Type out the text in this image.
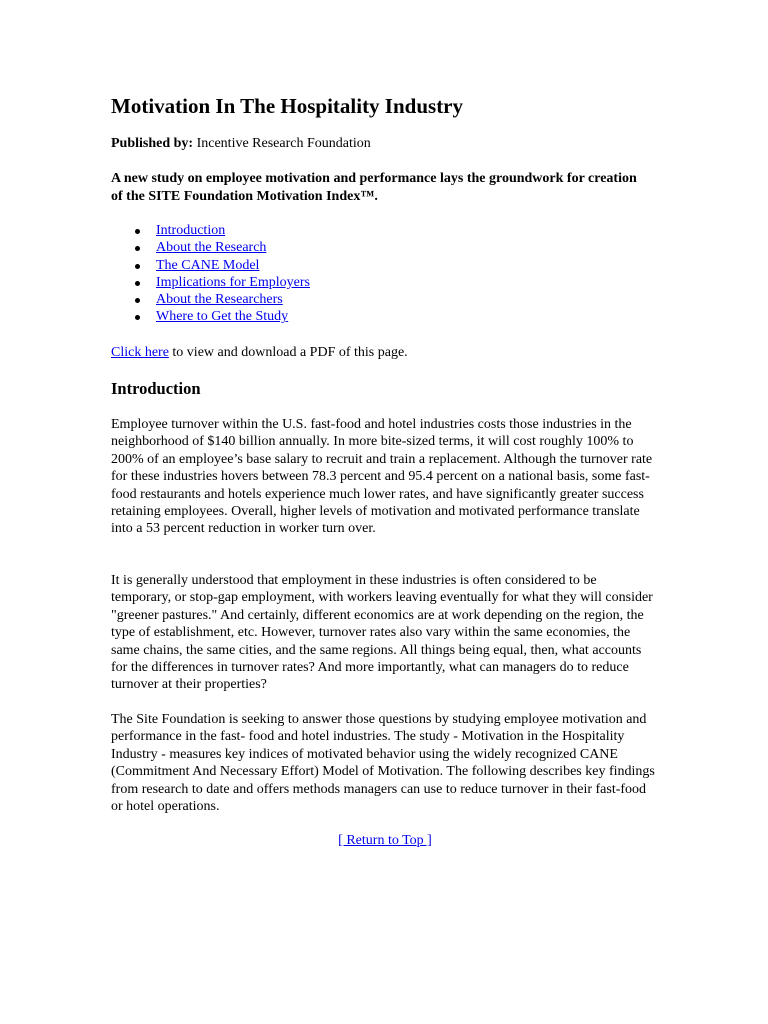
Motivation In The Hospitality Industry
Published by: Incentive Research Foundation
A new study on employee motivation and performance lays the groundwork for creation of the SITE Foundation Motivation Index™.
Introduction
About the Research
The CANE Model
Implications for Employers
About the Researchers
Where to Get the Study
Click here to view and download a PDF of this page.
Introduction

Employee turnover within the U.S. fast-food and hotel industries costs those industries in the neighborhood of $140 billion annually. In more bite-sized terms, it will cost roughly 100% to 200% of an employee’s base salary to recruit and train a replacement. Although the turnover rate for these industries hovers between 78.3 percent and 95.4 percent on a national basis, some fast-food restaurants and hotels experience much lower rates, and have significantly greater success retaining employees. Overall, higher levels of motivation and motivated performance translate into a 53 percent reduction in worker turn over.

It is generally understood that employment in these industries is often considered to be temporary, or stop-gap employment, with workers leaving eventually for what they will consider "greener pastures." And certainly, different economics are at work depending on the region, the type of establishment, etc. However, turnover rates also vary within the same economies, the same chains, the same cities, and the same regions. All things being equal, then, what accounts for the differences in turnover rates? And more importantly, what can managers do to reduce turnover at their properties?

The Site Foundation is seeking to answer those questions by studying employee motivation and performance in the fast- food and hotel industries. The study - Motivation in the Hospitality Industry - measures key indices of motivated behavior using the widely recognized CANE (Commitment And Necessary Effort) Model of Motivation. The following describes key findings from research to date and offers methods managers can use to reduce turnover in their fast-food or hotel operations.

[ Return to Top ]
